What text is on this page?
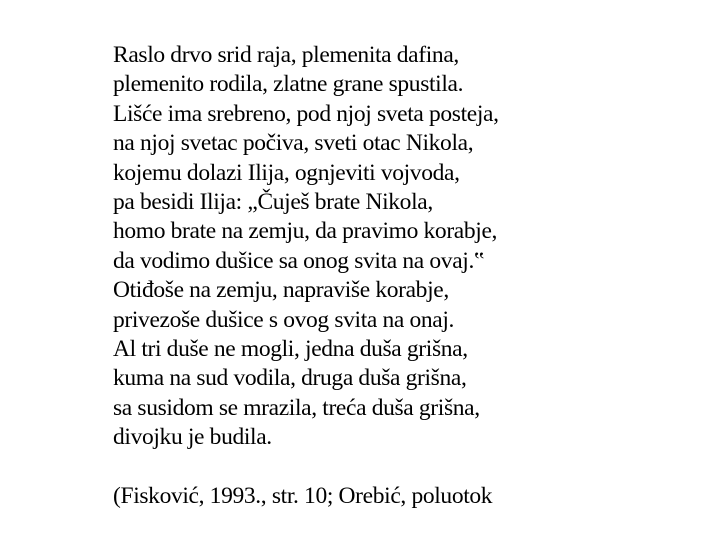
Raslo drvo srid raja, plemenita dafina,
plemenito rodila, zlatne grane spustila.
Lišće ima srebreno, pod njoj sveta posteja,
na njoj svetac počiva, sveti otac Nikola,
kojemu dolazi Ilija, ognjeviti vojvoda,
pa besidi Ilija: „Čuješ brate Nikola,
homo brate na zemju, da pravimo korabje,
da vodimo dušice sa onog svita na ovaj.‟
Otiđoše na zemju, napraviše korabje,
privezoše dušice s ovog svita na onaj.
Al tri duše ne mogli, jedna duša grišna,
kuma na sud vodila, druga duša grišna,
sa susidom se mrazila, treća duša grišna,
divojku je budila.
(Fisković, 1993., str. 10; Orebić, poluotok
